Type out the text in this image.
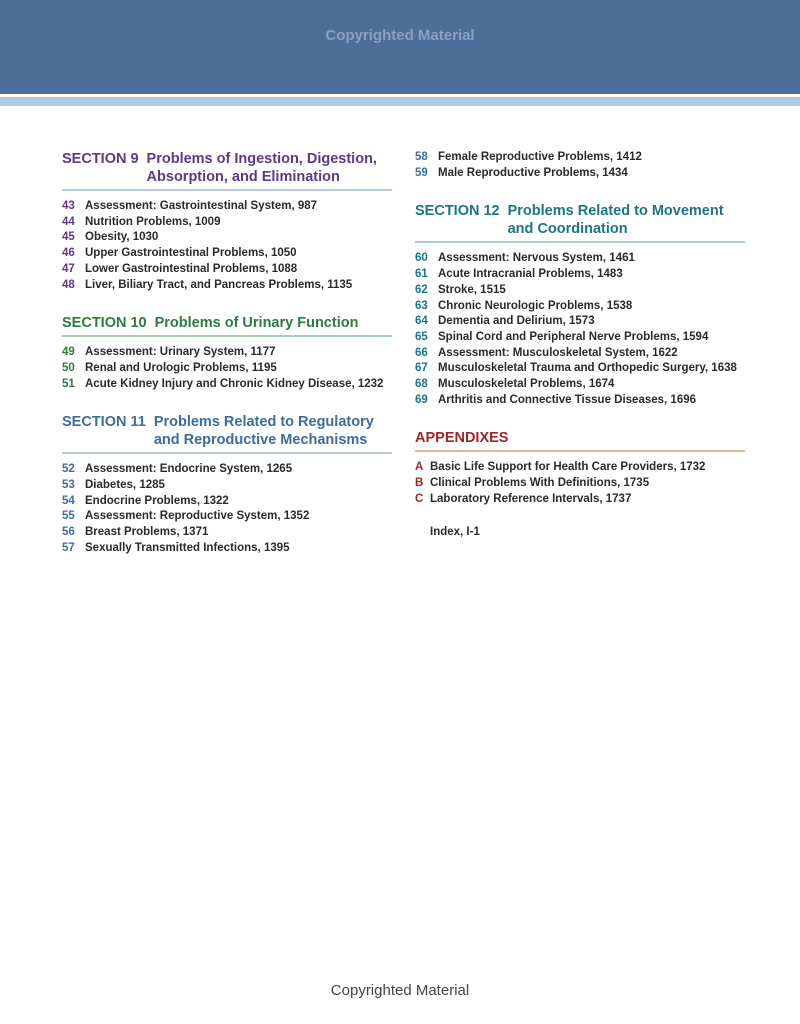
Copyrighted Material
SECTION 9 Problems of Ingestion, Digestion, Absorption, and Elimination
43 Assessment: Gastrointestinal System, 987
44 Nutrition Problems, 1009
45 Obesity, 1030
46 Upper Gastrointestinal Problems, 1050
47 Lower Gastrointestinal Problems, 1088
48 Liver, Biliary Tract, and Pancreas Problems, 1135
SECTION 10 Problems of Urinary Function
49 Assessment: Urinary System, 1177
50 Renal and Urologic Problems, 1195
51 Acute Kidney Injury and Chronic Kidney Disease, 1232
SECTION 11 Problems Related to Regulatory and Reproductive Mechanisms
52 Assessment: Endocrine System, 1265
53 Diabetes, 1285
54 Endocrine Problems, 1322
55 Assessment: Reproductive System, 1352
56 Breast Problems, 1371
57 Sexually Transmitted Infections, 1395
58 Female Reproductive Problems, 1412
59 Male Reproductive Problems, 1434
SECTION 12 Problems Related to Movement and Coordination
60 Assessment: Nervous System, 1461
61 Acute Intracranial Problems, 1483
62 Stroke, 1515
63 Chronic Neurologic Problems, 1538
64 Dementia and Delirium, 1573
65 Spinal Cord and Peripheral Nerve Problems, 1594
66 Assessment: Musculoskeletal System, 1622
67 Musculoskeletal Trauma and Orthopedic Surgery, 1638
68 Musculoskeletal Problems, 1674
69 Arthritis and Connective Tissue Diseases, 1696
APPENDIXES
A Basic Life Support for Health Care Providers, 1732
B Clinical Problems With Definitions, 1735
C Laboratory Reference Intervals, 1737
Index, I-1
Copyrighted Material
